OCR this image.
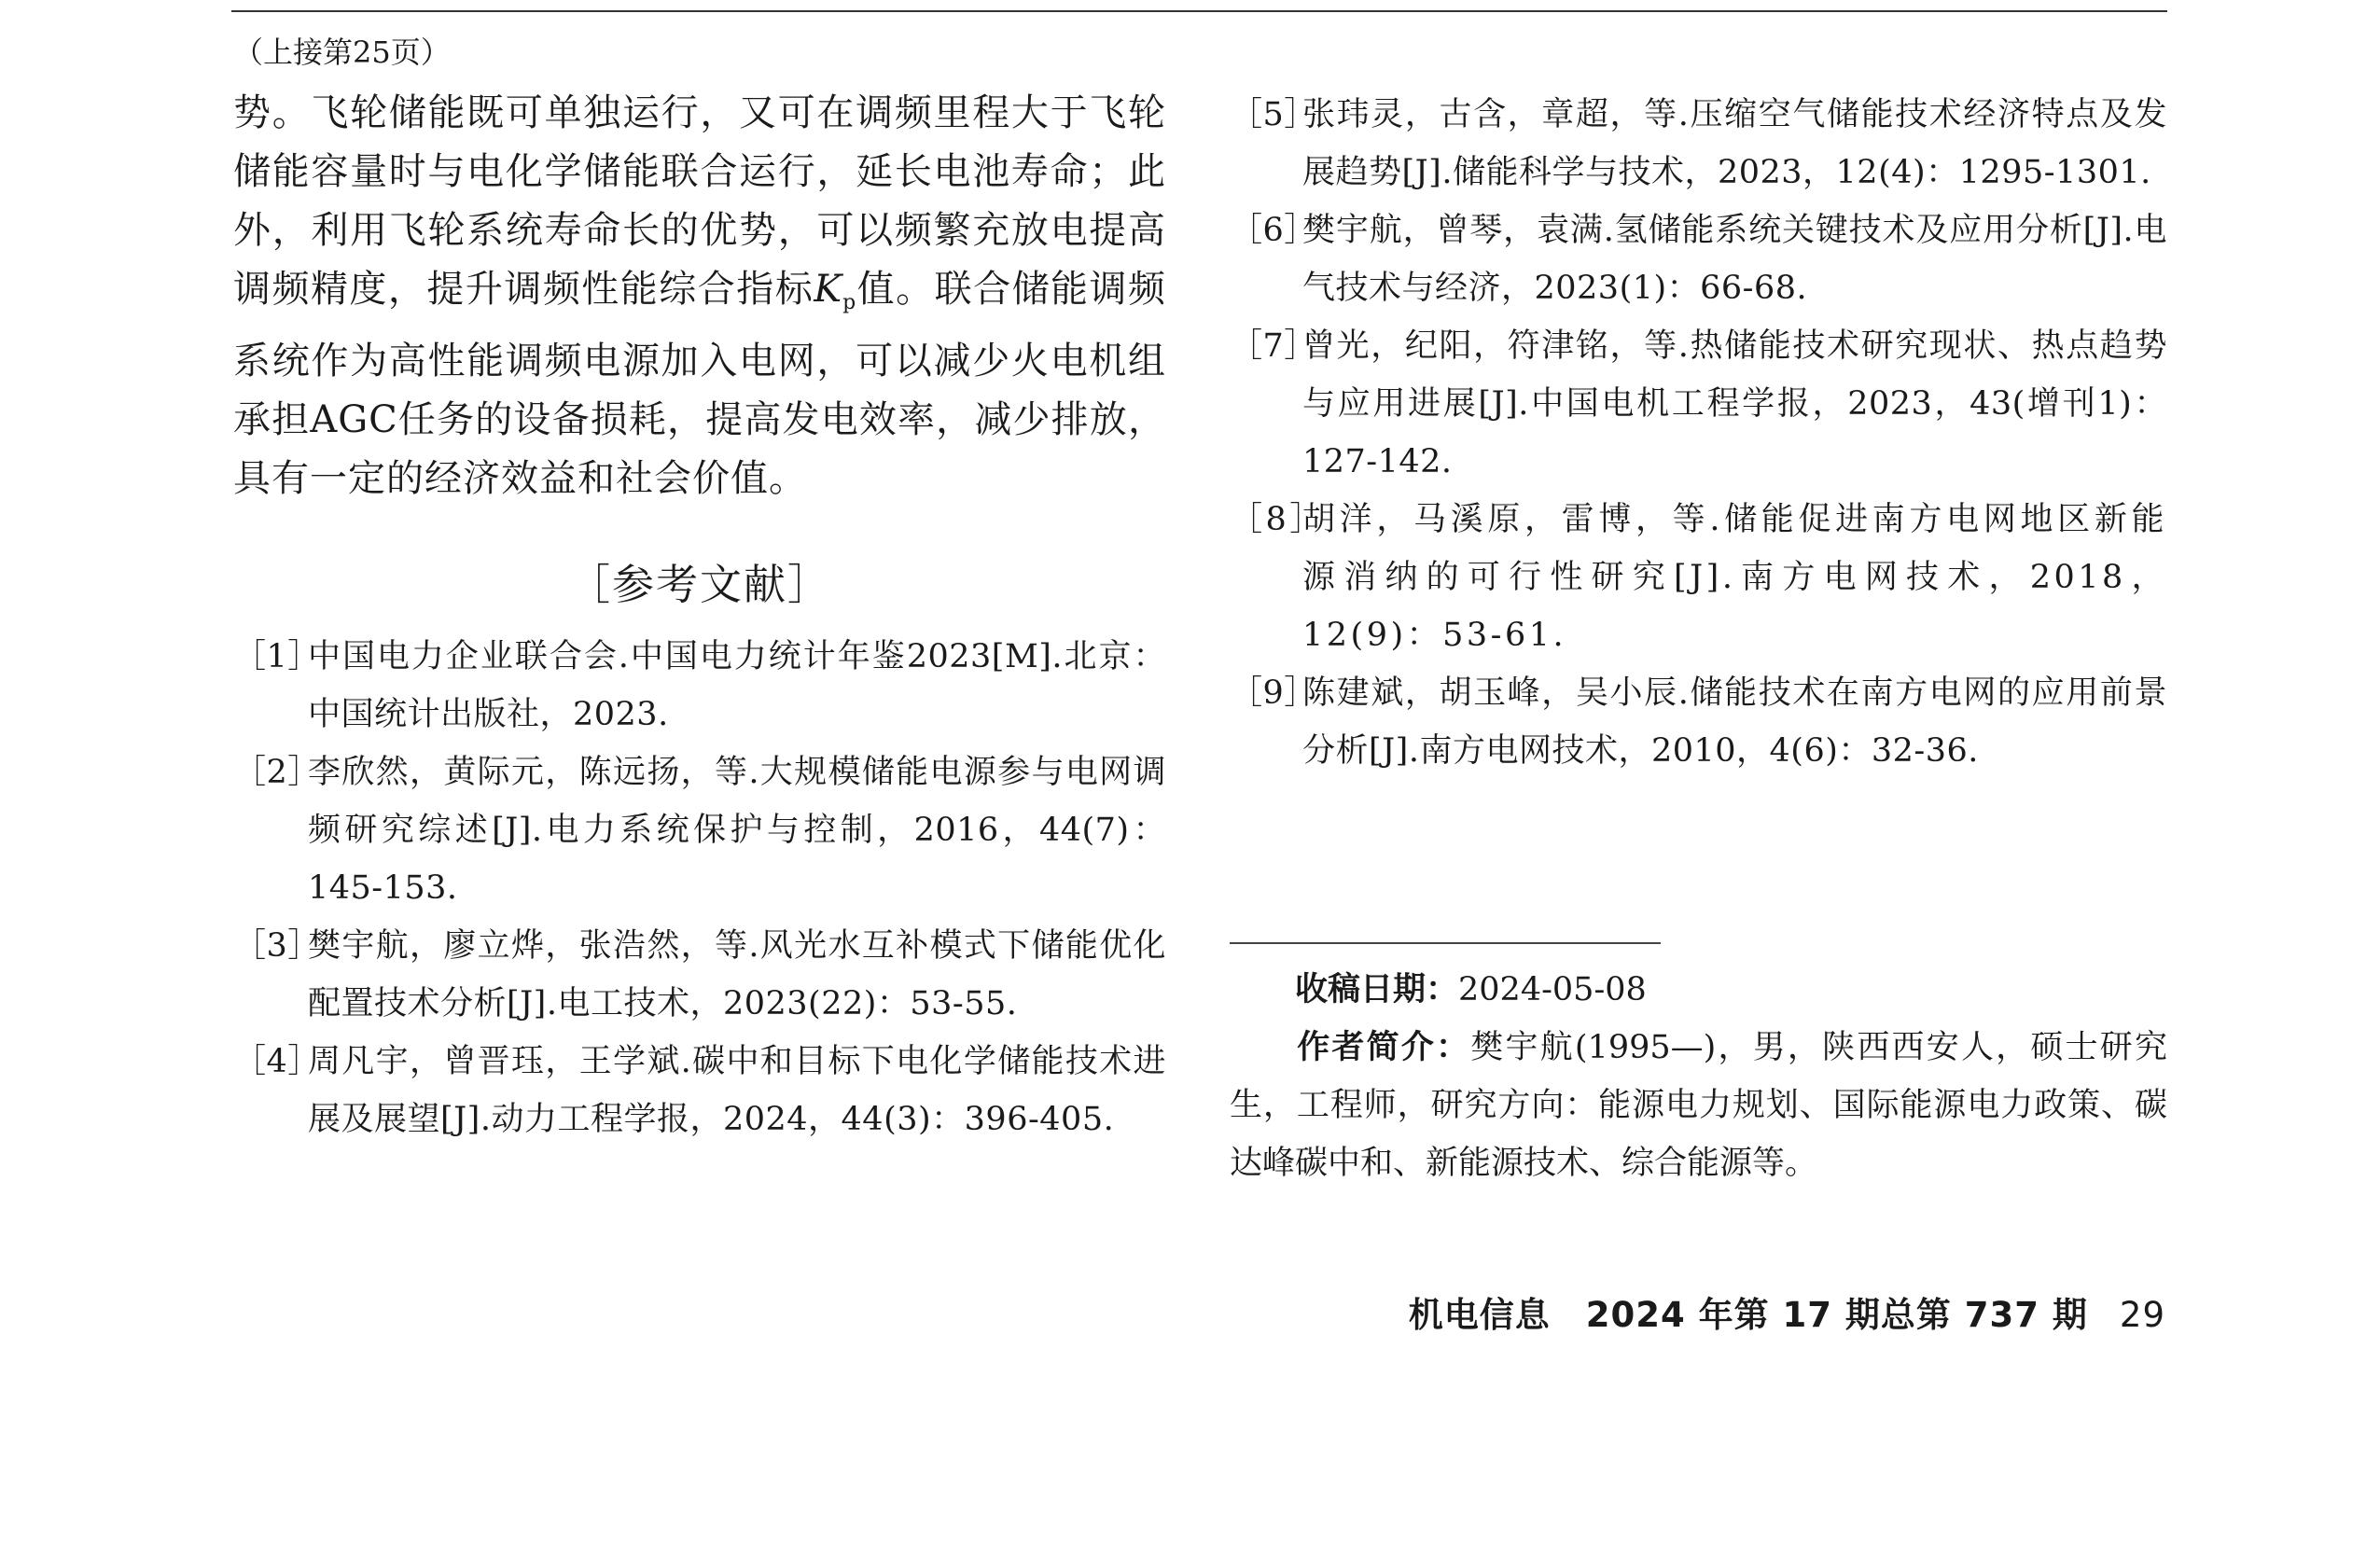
（上接第25页）

势。飞轮储能既可单独运行，又可在调频里程大于飞轮储能容量时与电化学储能联合运行，延长电池寿命；此外，利用飞轮系统寿命长的优势，可以频繁充放电提高调频精度，提升调频性能综合指标$K_p$值。联合储能调频系统作为高性能调频电源加入电网，可以减少火电机组承担AGC任务的设备损耗，提高发电效率，减少排放，具有一定的经济效益和社会价值。

［参考文献］
［1］
中国电力企业联合会.中国电力统计年鉴2023[M].北京：中国统计出版社，2023.
［2］
李欣然，黄际元，陈远扬，等.大规模储能电源参与电网调频研究综述[J].电力系统保护与控制，2016，44(7)：145-153.
［3］
樊宇航，廖立烨，张浩然，等.风光水互补模式下储能优化配置技术分析[J].电工技术，2023(22)：53-55.
［4］
周凡宇，曾晋珏，王学斌.碳中和目标下电化学储能技术进展及展望[J].动力工程学报，2024，44(3)：396-405.
［5］
张玮灵，古含，章超，等.压缩空气储能技术经济特点及发展趋势[J].储能科学与技术，2023，12(4)：1295-1301.
［6］
樊宇航，曾琴，袁满.氢储能系统关键技术及应用分析[J].电气技术与经济，2023(1)：66-68.
［7］
曾光，纪阳，符津铭，等.热储能技术研究现状、热点趋势与应用进展[J].中国电机工程学报，2023，43(增刊1)：127-142.
［8］
胡洋，马溪原，雷博，等.储能促进南方电网地区新能源消纳的可行性研究[J].南方电网技术，2018，12(9)：53-61.
［9］
陈建斌，胡玉峰，吴小辰.储能技术在南方电网的应用前景分析[J].南方电网技术，2010，4(6)：32-36.

收稿日期：2024-05-08

作者简介：樊宇航(1995—)，男，陕西西安人，硕士研究生，工程师，研究方向：能源电力规划、国际能源电力政策、碳达峰碳中和、新能源技术、综合能源等。

机电信息 2024 年第 17 期总第 737 期 29
